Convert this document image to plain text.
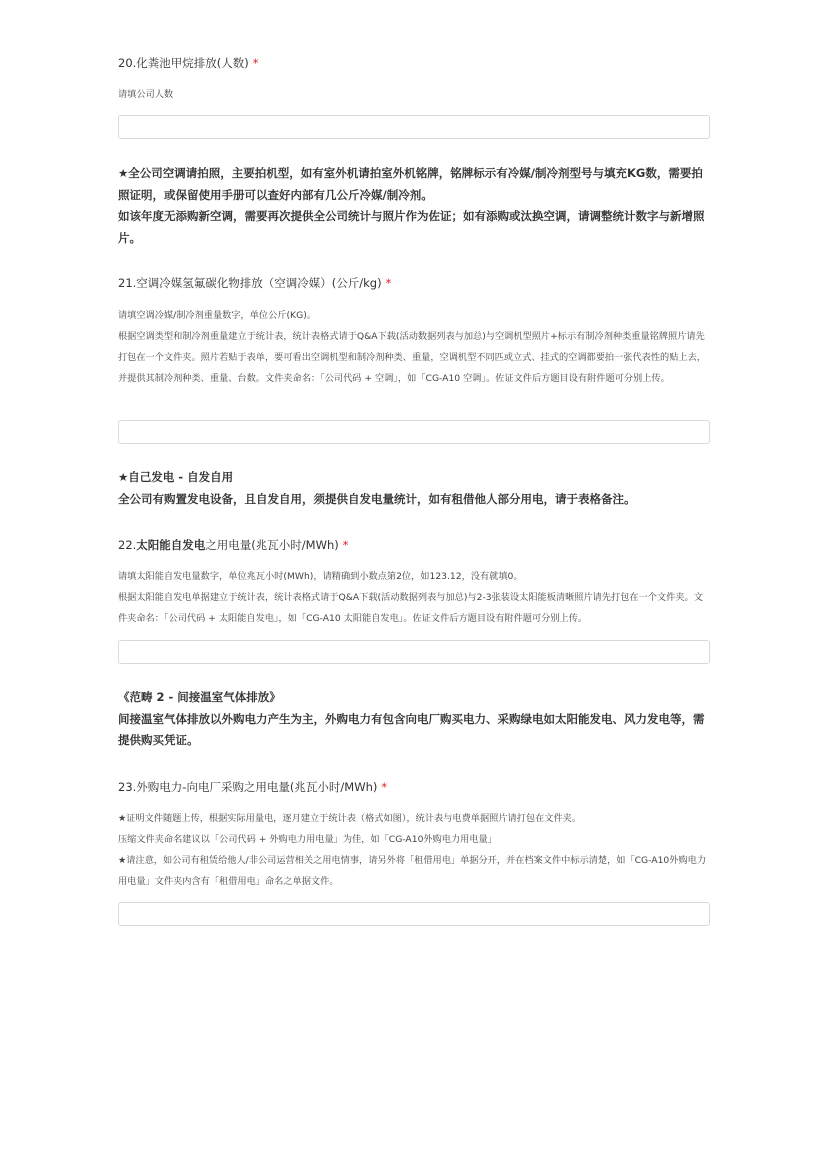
20.化粪池甲烷排放(人数) *

请填公司人数

★全公司空调请拍照，主要拍机型，如有室外机请拍室外机铭牌，铭牌标示有冷媒/制冷剂型号与填充KG数，需要拍照证明，或保留使用手册可以查好内部有几公斤冷媒/制冷剂。

如该年度无添购新空调，需要再次提供全公司统计与照片作为佐证；如有添购或汰换空调，请调整统计数字与新增照片。

21.空调冷媒氢氟碳化物排放（空调冷媒）(公斤/kg) *

请填空调冷媒/制冷剂重量数字，单位公斤(KG)。

根据空调类型和制冷剂重量建立于统计表，统计表格式请于Q&A下载(活动数据列表与加总)与空调机型照片+标示有制冷剂种类重量铭牌照片请先打包在一个文件夹。照片若贴于表单，要可看出空调机型和制冷剂种类、重量，空调机型不同匹或立式、挂式的空调都要拍一张代表性的贴上去，并提供其制冷剂种类、重量、台数。文件夹命名：「公司代码 + 空调」，如「CG-A10 空调」。佐证文件后方题目设有附件题可分别上传。

★自己发电 - 自发自用

全公司有购置发电设备，且自发自用，须提供自发电量统计，如有租借他人部分用电，请于表格备注。

22.太阳能自发电之用电量(兆瓦小时/MWh) *

请填太阳能自发电量数字，单位兆瓦小时(MWh)，请精确到小数点第2位，如123.12，没有就填0。

根据太阳能自发电单据建立于统计表，统计表格式请于Q&A下载(活动数据列表与加总)与2-3张装设太阳能板清晰照片请先打包在一个文件夹。文件夹命名：「公司代码 + 太阳能自发电」，如「CG-A10 太阳能自发电」。佐证文件后方题目设有附件题可分别上传。

《范畴 2 - 间接温室气体排放》

间接温室气体排放以外购电力产生为主，外购电力有包含向电厂购买电力、采购绿电如太阳能发电、风力发电等，需提供购买凭证。

23.外购电力-向电厂采购之用电量(兆瓦小时/MWh) *

★证明文件随题上传，根据实际用量电，逐月建立于统计表（格式如图），统计表与电费单据照片请打包在文件夹。

压缩文件夹命名建议以「公司代码 + 外购电力用电量」为佳，如「CG-A10外购电力用电量」

★请注意，如公司有租赁给他人/非公司运营相关之用电情事，请另外将「租借用电」单据分开，并在档案文件中标示清楚，如「CG-A10外购电力用电量」文件夹内含有「租借用电」命名之单据文件。
